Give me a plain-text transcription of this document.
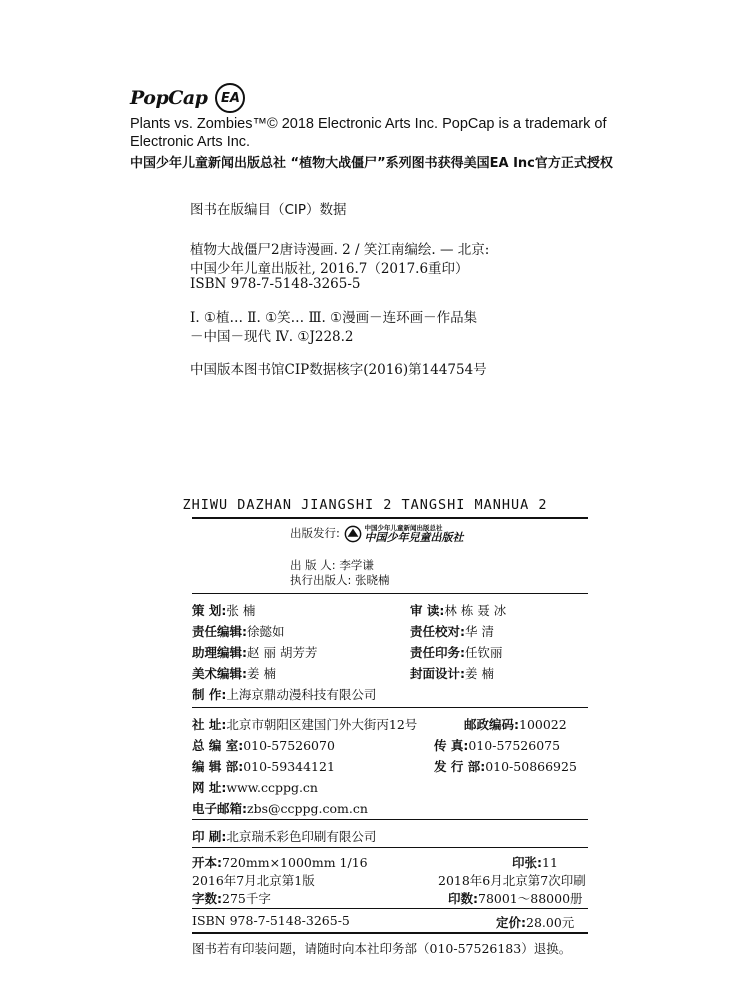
PopCap	EA
Plants vs. Zombies™© 2018 Electronic Arts Inc. PopCap is a trademark of
Electronic Arts Inc.
中国少年儿童新闻出版总社 “植物大战僵尸”系列图书获得美国EA Inc官方正式授权
图书在版编目（CIP）数据
植物大战僵尸2唐诗漫画. 2 / 笑江南编绘. — 北京:
中国少年儿童出版社, 2016.7（2017.6重印）
ISBN 978-7-5148-3265-5
Ⅰ. ①植… Ⅱ. ①笑… Ⅲ. ①漫画－连环画－作品集
－中国－现代 Ⅳ. ①J228.2
中国版本图书馆CIP数据核字(2016)第144754号
ZHIWU DAZHAN JIANGSHI 2 TANGSHI MANHUA 2
出版发行:	中国少年儿童新闻出版总社
中国少年兒童出版社
出 版 人: 李学谦
执行出版人: 张晓楠
策 划:张 楠	审 读:林 栋 聂 冰
责任编辑:徐懿如	责任校对:华 清
助理编辑:赵 丽 胡芳芳	责任印务:任钦丽
美术编辑:姜 楠	封面设计:姜 楠
制 作:上海京鼎动漫科技有限公司
社 址:北京市朝阳区建国门外大街丙12号	邮政编码:100022
总 编 室:010-57526070	传 真:010-57526075
编 辑 部:010-59344121	发 行 部:010-50866925
网 址:www.ccppg.cn
电子邮箱:zbs@ccppg.com.cn
印 刷:北京瑞禾彩色印刷有限公司
开本:720mm×1000mm 1/16	印张:11
2016年7月北京第1版	2018年6月北京第7次印刷
字数:275千字	印数:78001～88000册
ISBN 978-7-5148-3265-5	定价:28.00元
图书若有印装问题，请随时向本社印务部（010-57526183）退换。
